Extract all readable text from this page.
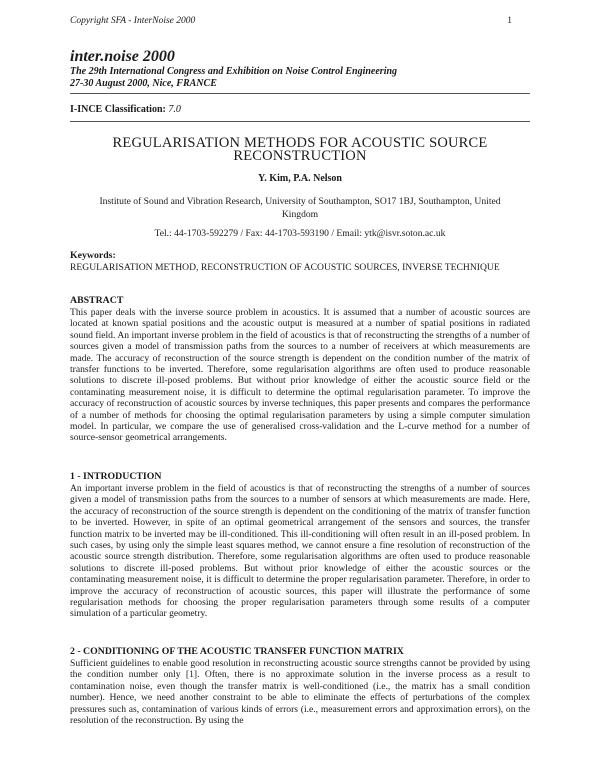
Copyright SFA - InterNoise 2000	1
inter.noise 2000
The 29th International Congress and Exhibition on Noise Control Engineering
27-30 August 2000, Nice, FRANCE
I-INCE Classification: 7.0
REGULARISATION METHODS FOR ACOUSTIC SOURCE
RECONSTRUCTION
Y. Kim, P.A. Nelson
Institute of Sound and Vibration Research, University of Southampton, SO17 1BJ, Southampton, United Kingdom
Tel.: 44-1703-592279 / Fax: 44-1703-593190 / Email: ytk@isvr.soton.ac.uk
Keywords:
REGULARISATION METHOD, RECONSTRUCTION OF ACOUSTIC SOURCES, INVERSE TECHNIQUE
ABSTRACT

This paper deals with the inverse source problem in acoustics. It is assumed that a number of acoustic sources are located at known spatial positions and the acoustic output is measured at a number of spatial positions in radiated sound field. An important inverse problem in the field of acoustics is that of reconstructing the strengths of a number of sources given a model of transmission paths from the sources to a number of receivers at which measurements are made. The accuracy of reconstruction of the source strength is dependent on the condition number of the matrix of transfer functions to be inverted. Therefore, some regularisation algorithms are often used to produce reasonable solutions to discrete ill-posed problems. But without prior knowledge of either the acoustic source field or the contaminating measurement noise, it is difficult to determine the optimal regularisation parameter. To improve the accuracy of reconstruction of acoustic sources by inverse techniques, this paper presents and compares the performance of a number of methods for choosing the optimal regularisation parameters by using a simple computer simulation model. In particular, we compare the use of generalised cross-validation and the L-curve method for a number of source-sensor geometrical arrangements.

1 - INTRODUCTION

An important inverse problem in the field of acoustics is that of reconstructing the strengths of a number of sources given a model of transmission paths from the sources to a number of sensors at which measurements are made. Here, the accuracy of reconstruction of the source strength is dependent on the conditioning of the matrix of transfer function to be inverted. However, in spite of an optimal geometrical arrangement of the sensors and sources, the transfer function matrix to be inverted may be ill-conditioned. This ill-conditioning will often result in an ill-posed problem. In such cases, by using only the simple least squares method, we cannot ensure a fine resolution of reconstruction of the acoustic source strength distribution. Therefore, some regularisation algorithms are often used to produce reasonable solutions to discrete ill-posed problems. But without prior knowledge of either the acoustic sources or the contaminating measurement noise, it is difficult to determine the proper regularisation parameter. Therefore, in order to improve the accuracy of reconstruction of acoustic sources, this paper will illustrate the performance of some regularisation methods for choosing the proper regularisation parameters through some results of a computer simulation of a particular geometry.

2 - CONDITIONING OF THE ACOUSTIC TRANSFER FUNCTION MATRIX

Sufficient guidelines to enable good resolution in reconstructing acoustic source strengths cannot be provided by using the condition number only [1]. Often, there is no approximate solution in the inverse process as a result to contamination noise, even though the transfer matrix is well-conditioned (i.e., the matrix has a small condition number). Hence, we need another constraint to be able to eliminate the effects of perturbations of the complex pressures such as, contamination of various kinds of errors (i.e., measurement errors and approximation errors), on the resolution of the reconstruction. By using the
